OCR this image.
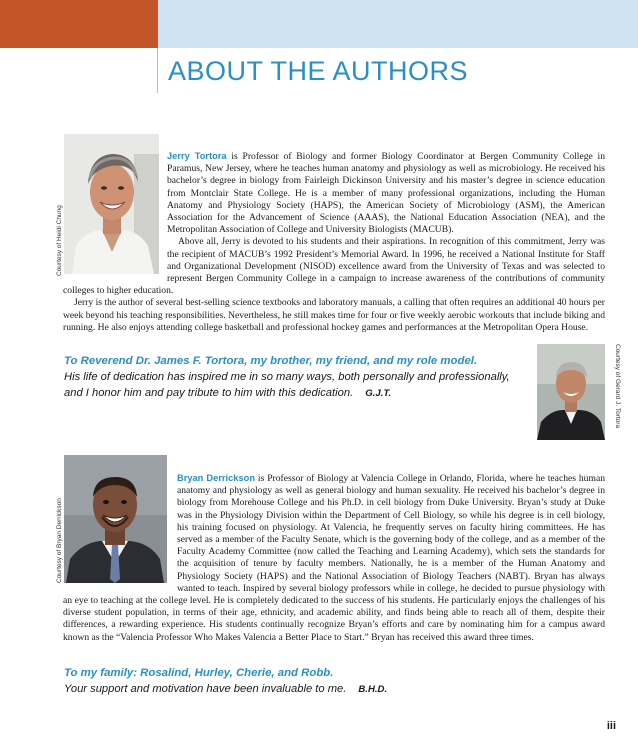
ABOUT THE AUTHORS
Courtesy of Heidi Chung

Jerry Tortora is Professor of Biology and former Biology Coordinator at Bergen Community College in Paramus, New Jersey, where he teaches human anatomy and physiology as well as microbiology. He received his bachelor’s degree in biology from Fairleigh Dickinson University and his master’s degree in science education from Montclair State College. He is a member of many professional organizations, including the Human Anatomy and Physiology Society (HAPS), the American Society of Microbiology (ASM), the American Association for the Advancement of Science (AAAS), the National Education Association (NEA), and the Metropolitan Association of College and University Biologists (MACUB).

Above all, Jerry is devoted to his students and their aspirations. In recognition of this commitment, Jerry was the recipient of MACUB’s 1992 President’s Memorial Award. In 1996, he received a National Institute for Staff and Organizational Development (NISOD) excellence award from the University of Texas and was selected to represent Bergen Community College in a campaign to increase awareness of the contributions of community colleges to higher education.

Jerry is the author of several best-selling science textbooks and laboratory manuals, a calling that often requires an additional 40 hours per week beyond his teaching responsibilities. Nevertheless, he still makes time for four or five weekly aerobic workouts that include biking and running. He also enjoys attending college basketball and professional hockey games and performances at the Metropolitan Opera House.

To Reverend Dr. James F. Tortora, my brother, my friend, and my role model.

His life of dedication has inspired me in so many ways, both personally and professionally,

and I honor him and pay tribute to him with this dedication. G.J.T.	Courtesy of Gerard J. Tortora
Courtesy of Bryan Derrickson

Bryan Derrickson is Professor of Biology at Valencia College in Orlando, Florida, where he teaches human anatomy and physiology as well as general biology and human sexuality. He received his bachelor’s degree in biology from Morehouse College and his Ph.D. in cell biology from Duke University. Bryan’s study at Duke was in the Physiology Division within the Department of Cell Biology, so while his degree is in cell biology, his training focused on physiology. At Valencia, he frequently serves on faculty hiring committees. He has served as a member of the Faculty Senate, which is the governing body of the college, and as a member of the Faculty Academy Committee (now called the Teaching and Learning Academy), which sets the standards for the acquisition of tenure by faculty members. Nationally, he is a member of the Human Anatomy and Physiology Society (HAPS) and the National Association of Biology Teachers (NABT). Bryan has always wanted to teach. Inspired by several biology professors while in college, he decided to pursue physiology with an eye to teaching at the college level. He is completely dedicated to the success of his students. He particularly enjoys the challenges of his diverse student population, in terms of their age, ethnicity, and academic ability, and finds being able to reach all of them, despite their differences, a rewarding experience. His students continually recognize Bryan’s efforts and care by nominating him for a campus award known as the “Valencia Professor Who Makes Valencia a Better Place to Start.” Bryan has received this award three times.

To my family: Rosalind, Hurley, Cherie, and Robb.

Your support and motivation have been invaluable to me. B.H.D.

iii
